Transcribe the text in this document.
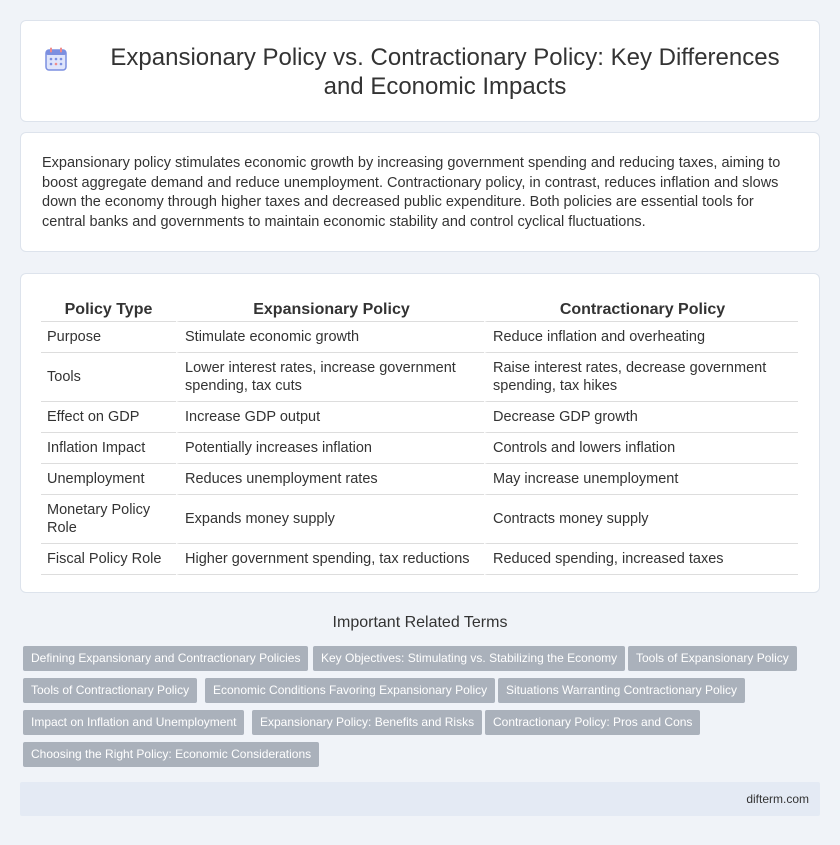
Expansionary Policy vs. Contractionary Policy: Key Differences and Economic Impacts

Expansionary policy stimulates economic growth by increasing government spending and reducing taxes, aiming to boost aggregate demand and reduce unemployment. Contractionary policy, in contrast, reduces inflation and slows down the economy through higher taxes and decreased public expenditure. Both policies are essential tools for central banks and governments to maintain economic stability and control cyclical fluctuations.

Policy Type	Expansionary Policy	Contractionary Policy
Purpose	Stimulate economic growth	Reduce inflation and overheating
Tools	Lower interest rates, increase government spending, tax cuts	Raise interest rates, decrease government spending, tax hikes
Effect on GDP	Increase GDP output	Decrease GDP growth
Inflation Impact	Potentially increases inflation	Controls and lowers inflation
Unemployment	Reduces unemployment rates	May increase unemployment
Monetary Policy Role	Expands money supply	Contracts money supply
Fiscal Policy Role	Higher government spending, tax reductions	Reduced spending, increased taxes
Important Related Terms
Defining Expansionary and Contractionary Policies	Key Objectives: Stimulating vs. Stabilizing the Economy	Tools of Expansionary Policy
Tools of Contractionary Policy	Economic Conditions Favoring Expansionary Policy	Situations Warranting Contractionary Policy
Impact on Inflation and Unemployment	Expansionary Policy: Benefits and Risks	Contractionary Policy: Pros and Cons
Choosing the Right Policy: Economic Considerations
difterm.com
